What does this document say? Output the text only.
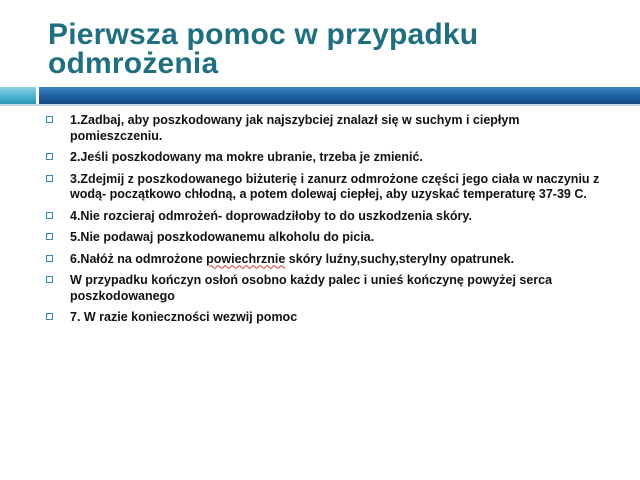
Pierwsza pomoc w przypadku odmrożenia
1.Zadbaj, aby poszkodowany jak najszybciej znalazł się w suchym i ciepłym pomieszczeniu.
2.Jeśli poszkodowany ma mokre ubranie, trzeba je zmienić.
3.Zdejmij z poszkodowanego biżuterię i zanurz odmrożone części jego ciała w naczyniu z wodą- początkowo chłodną, a potem dolewaj ciepłej, aby uzyskać temperaturę 37-39 C.
4.Nie rozcieraj odmrożeń- doprowadziłoby to do uszkodzenia skóry.
5.Nie podawaj poszkodowanemu alkoholu do picia.
6.Nałóż na odmrożone powiechrznie skóry luźny,suchy,sterylny opatrunek.
W przypadku kończyn osłoń osobno każdy palec i unieś kończynę powyżej serca poszkodowanego
7. W razie konieczności wezwij pomoc
